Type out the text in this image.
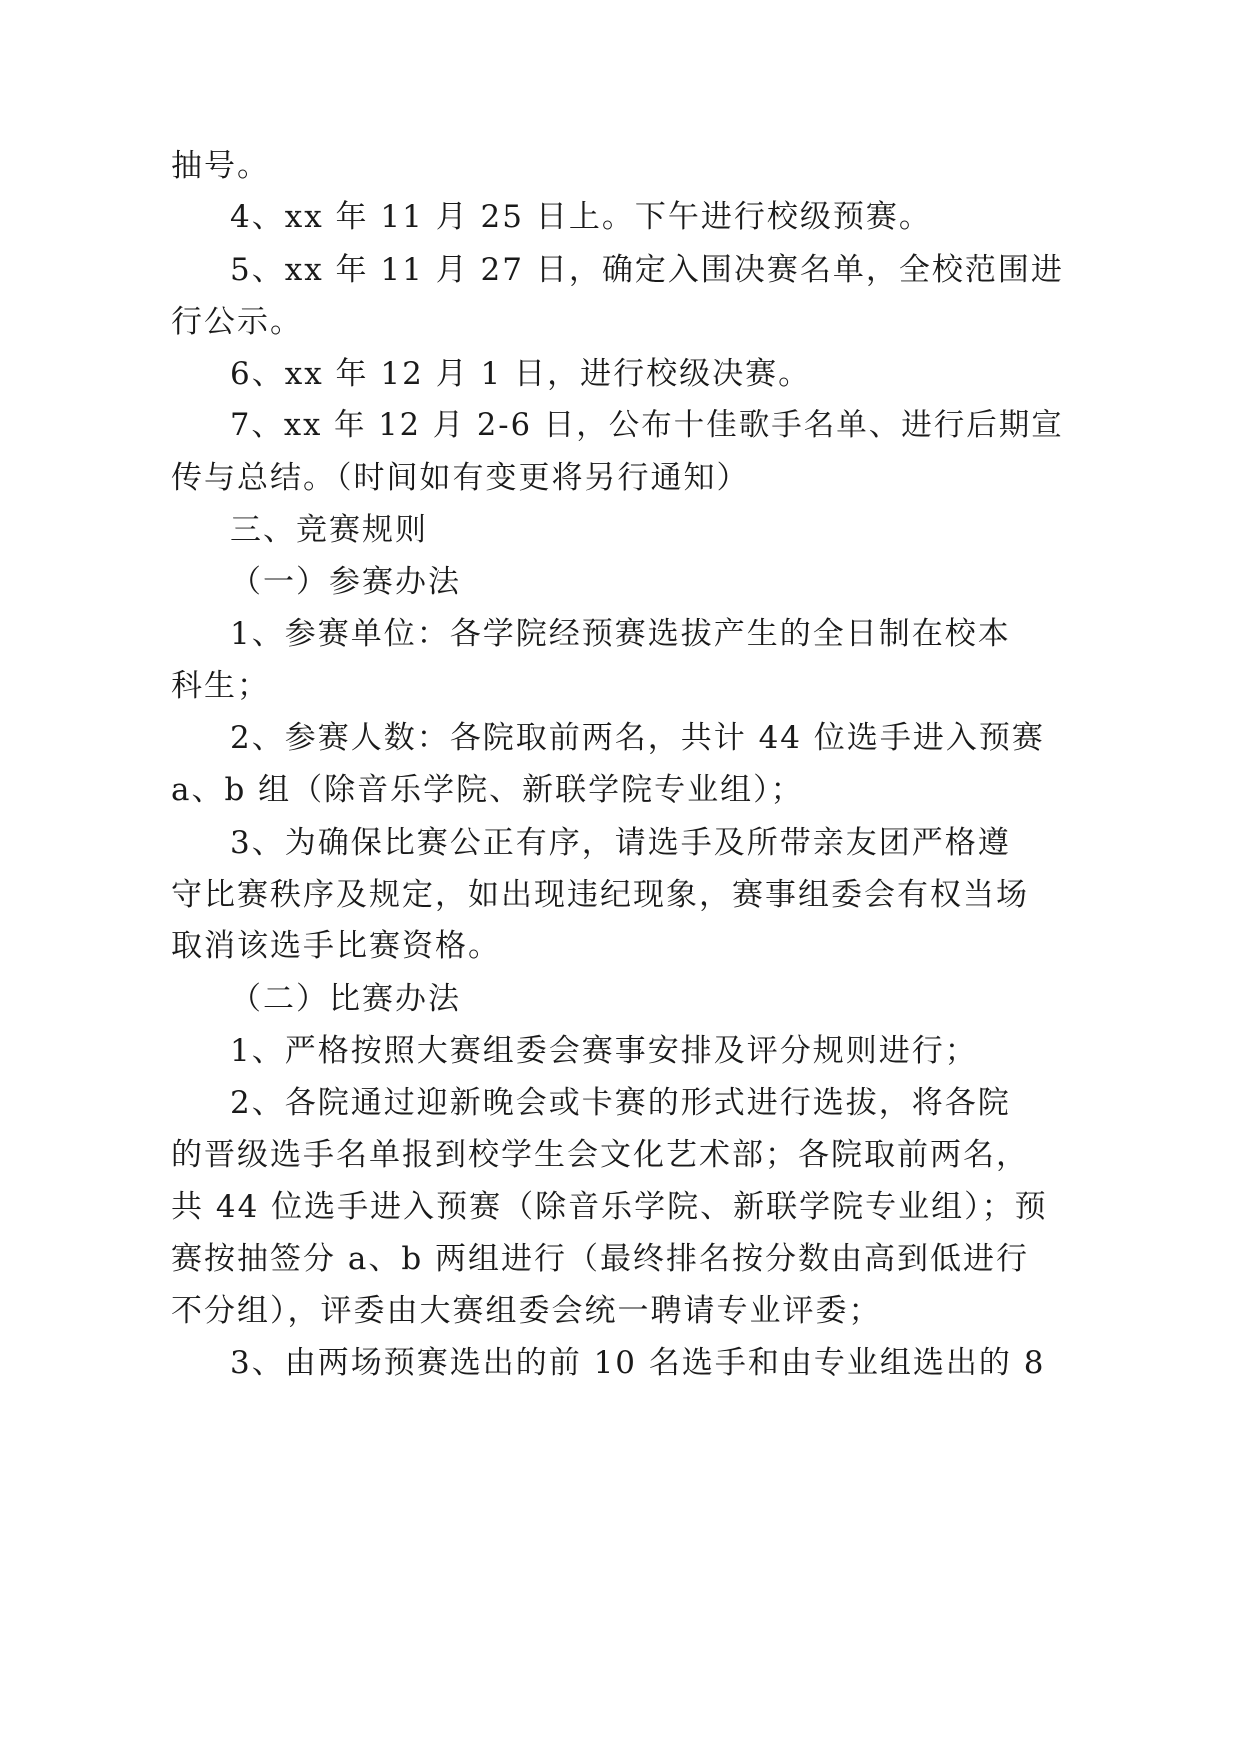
抽号。
4、xx 年 11 月 25 日上。下午进行校级预赛。
5、xx 年 11 月 27 日，确定入围决赛名单，全校范围进
行公示。
6、xx 年 12 月 1 日，进行校级决赛。
7、xx 年 12 月 2-6 日，公布十佳歌手名单、进行后期宣
传与总结。（时间如有变更将另行通知）
三、竞赛规则
（一）参赛办法
1、参赛单位：各学院经预赛选拔产生的全日制在校本
科生；
2、参赛人数：各院取前两名，共计 44 位选手进入预赛
a、b 组（除音乐学院、新联学院专业组）；
3、为确保比赛公正有序，请选手及所带亲友团严格遵
守比赛秩序及规定，如出现违纪现象，赛事组委会有权当场
取消该选手比赛资格。
（二）比赛办法
1、严格按照大赛组委会赛事安排及评分规则进行；
2、各院通过迎新晚会或卡赛的形式进行选拔，将各院
的晋级选手名单报到校学生会文化艺术部；各院取前两名，
共 44 位选手进入预赛（除音乐学院、新联学院专业组）；预
赛按抽签分 a、b 两组进行（最终排名按分数由高到低进行
不分组），评委由大赛组委会统一聘请专业评委；
3、由两场预赛选出的前 10 名选手和由专业组选出的 8
